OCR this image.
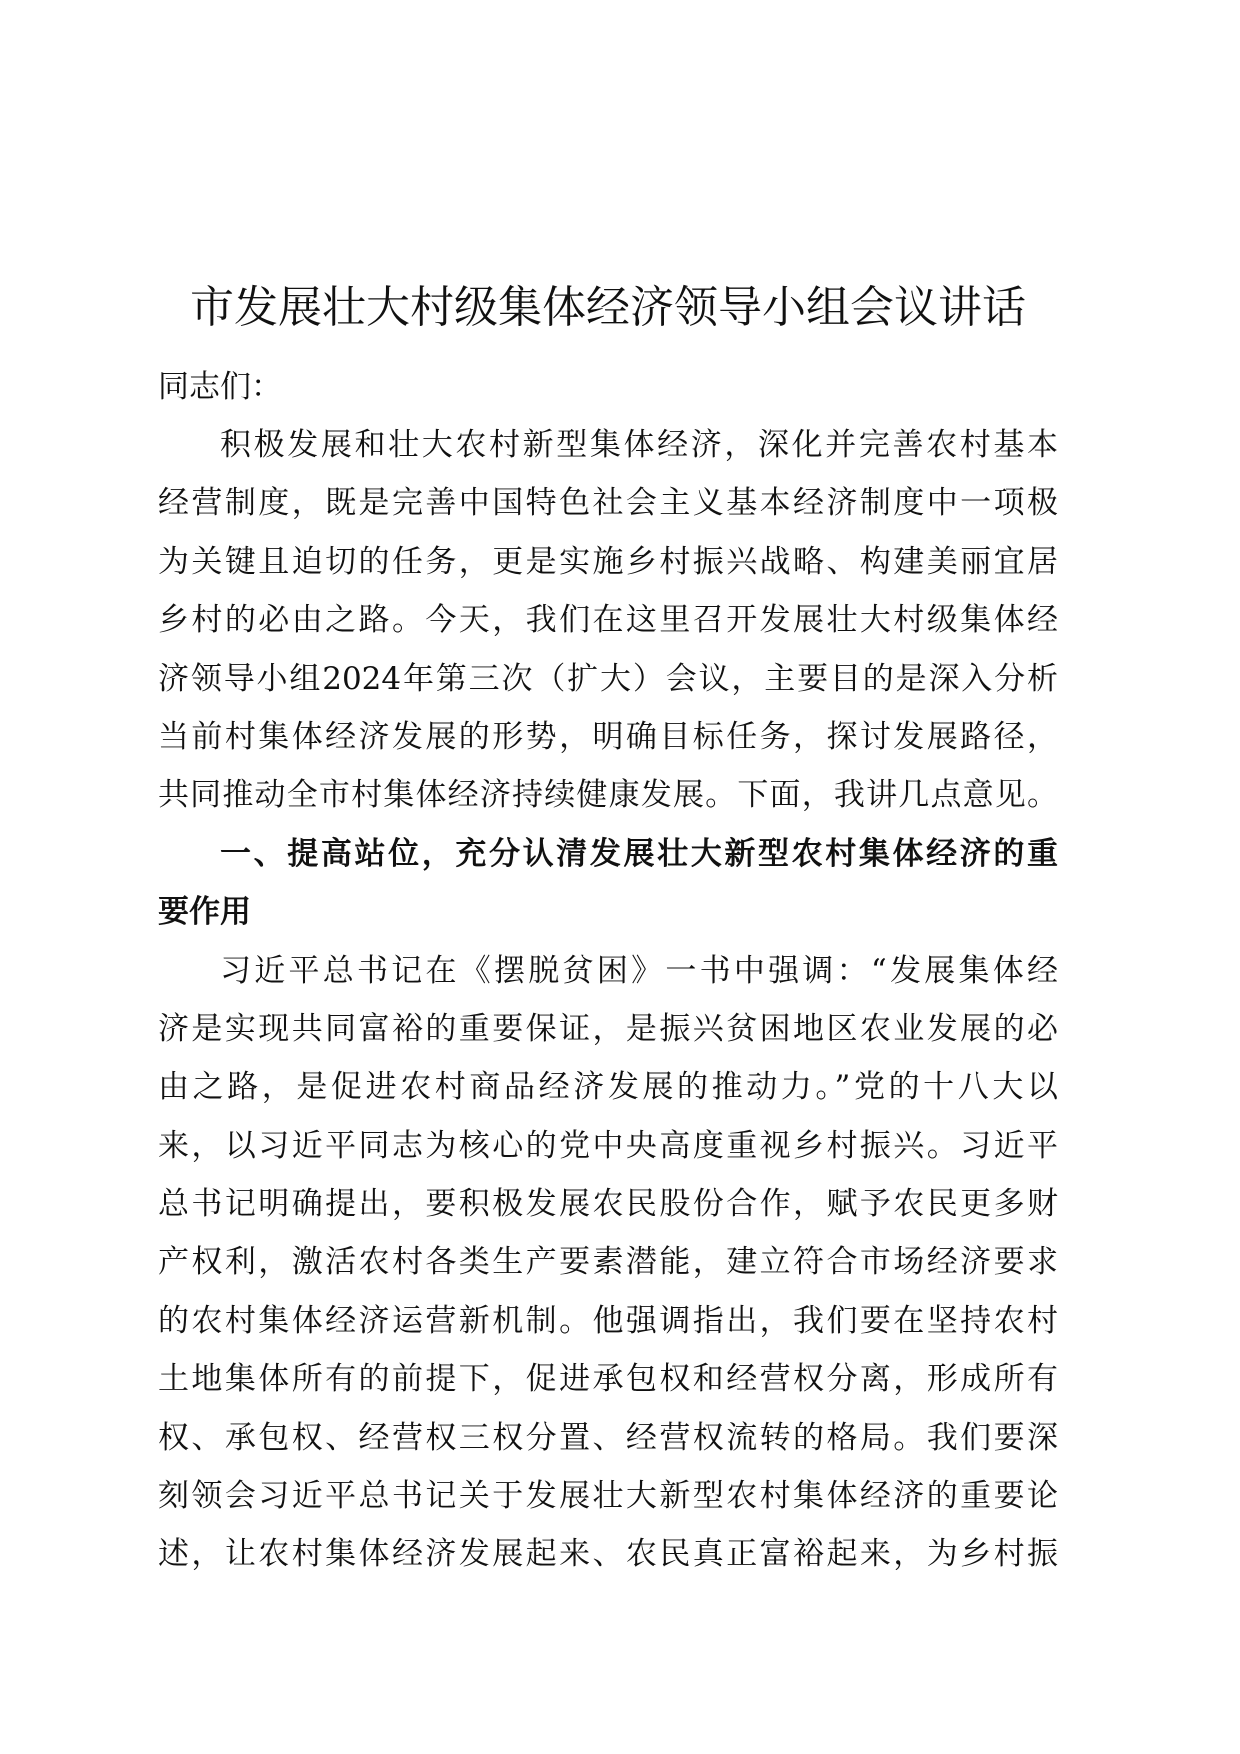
市发展壮大村级集体经济领导小组会议讲话

同志们：

积极发展和壮大农村新型集体经济，深化并完善农村基本
经营制度，既是完善中国特色社会主义基本经济制度中一项极
为关键且迫切的任务，更是实施乡村振兴战略、构建美丽宜居
乡村的必由之路。今天，我们在这里召开发展壮大村级集体经
济领导小组2024年第三次（扩大）会议，主要目的是深入分析
当前村集体经济发展的形势，明确目标任务，探讨发展路径，
共同推动全市村集体经济持续健康发展。下面，我讲几点意见。
一、提高站位，充分认清发展壮大新型农村集体经济的重
要作用
习近平总书记在《摆脱贫困》一书中强调：“发展集体经
济是实现共同富裕的重要保证，是振兴贫困地区农业发展的必
由之路，是促进农村商品经济发展的推动力。”党的十八大以
来，以习近平同志为核心的党中央高度重视乡村振兴。习近平
总书记明确提出，要积极发展农民股份合作，赋予农民更多财
产权利，激活农村各类生产要素潜能，建立符合市场经济要求
的农村集体经济运营新机制。他强调指出，我们要在坚持农村
土地集体所有的前提下，促进承包权和经营权分离，形成所有
权、承包权、经营权三权分置、经营权流转的格局。我们要深
刻领会习近平总书记关于发展壮大新型农村集体经济的重要论
述，让农村集体经济发展起来、农民真正富裕起来，为乡村振
